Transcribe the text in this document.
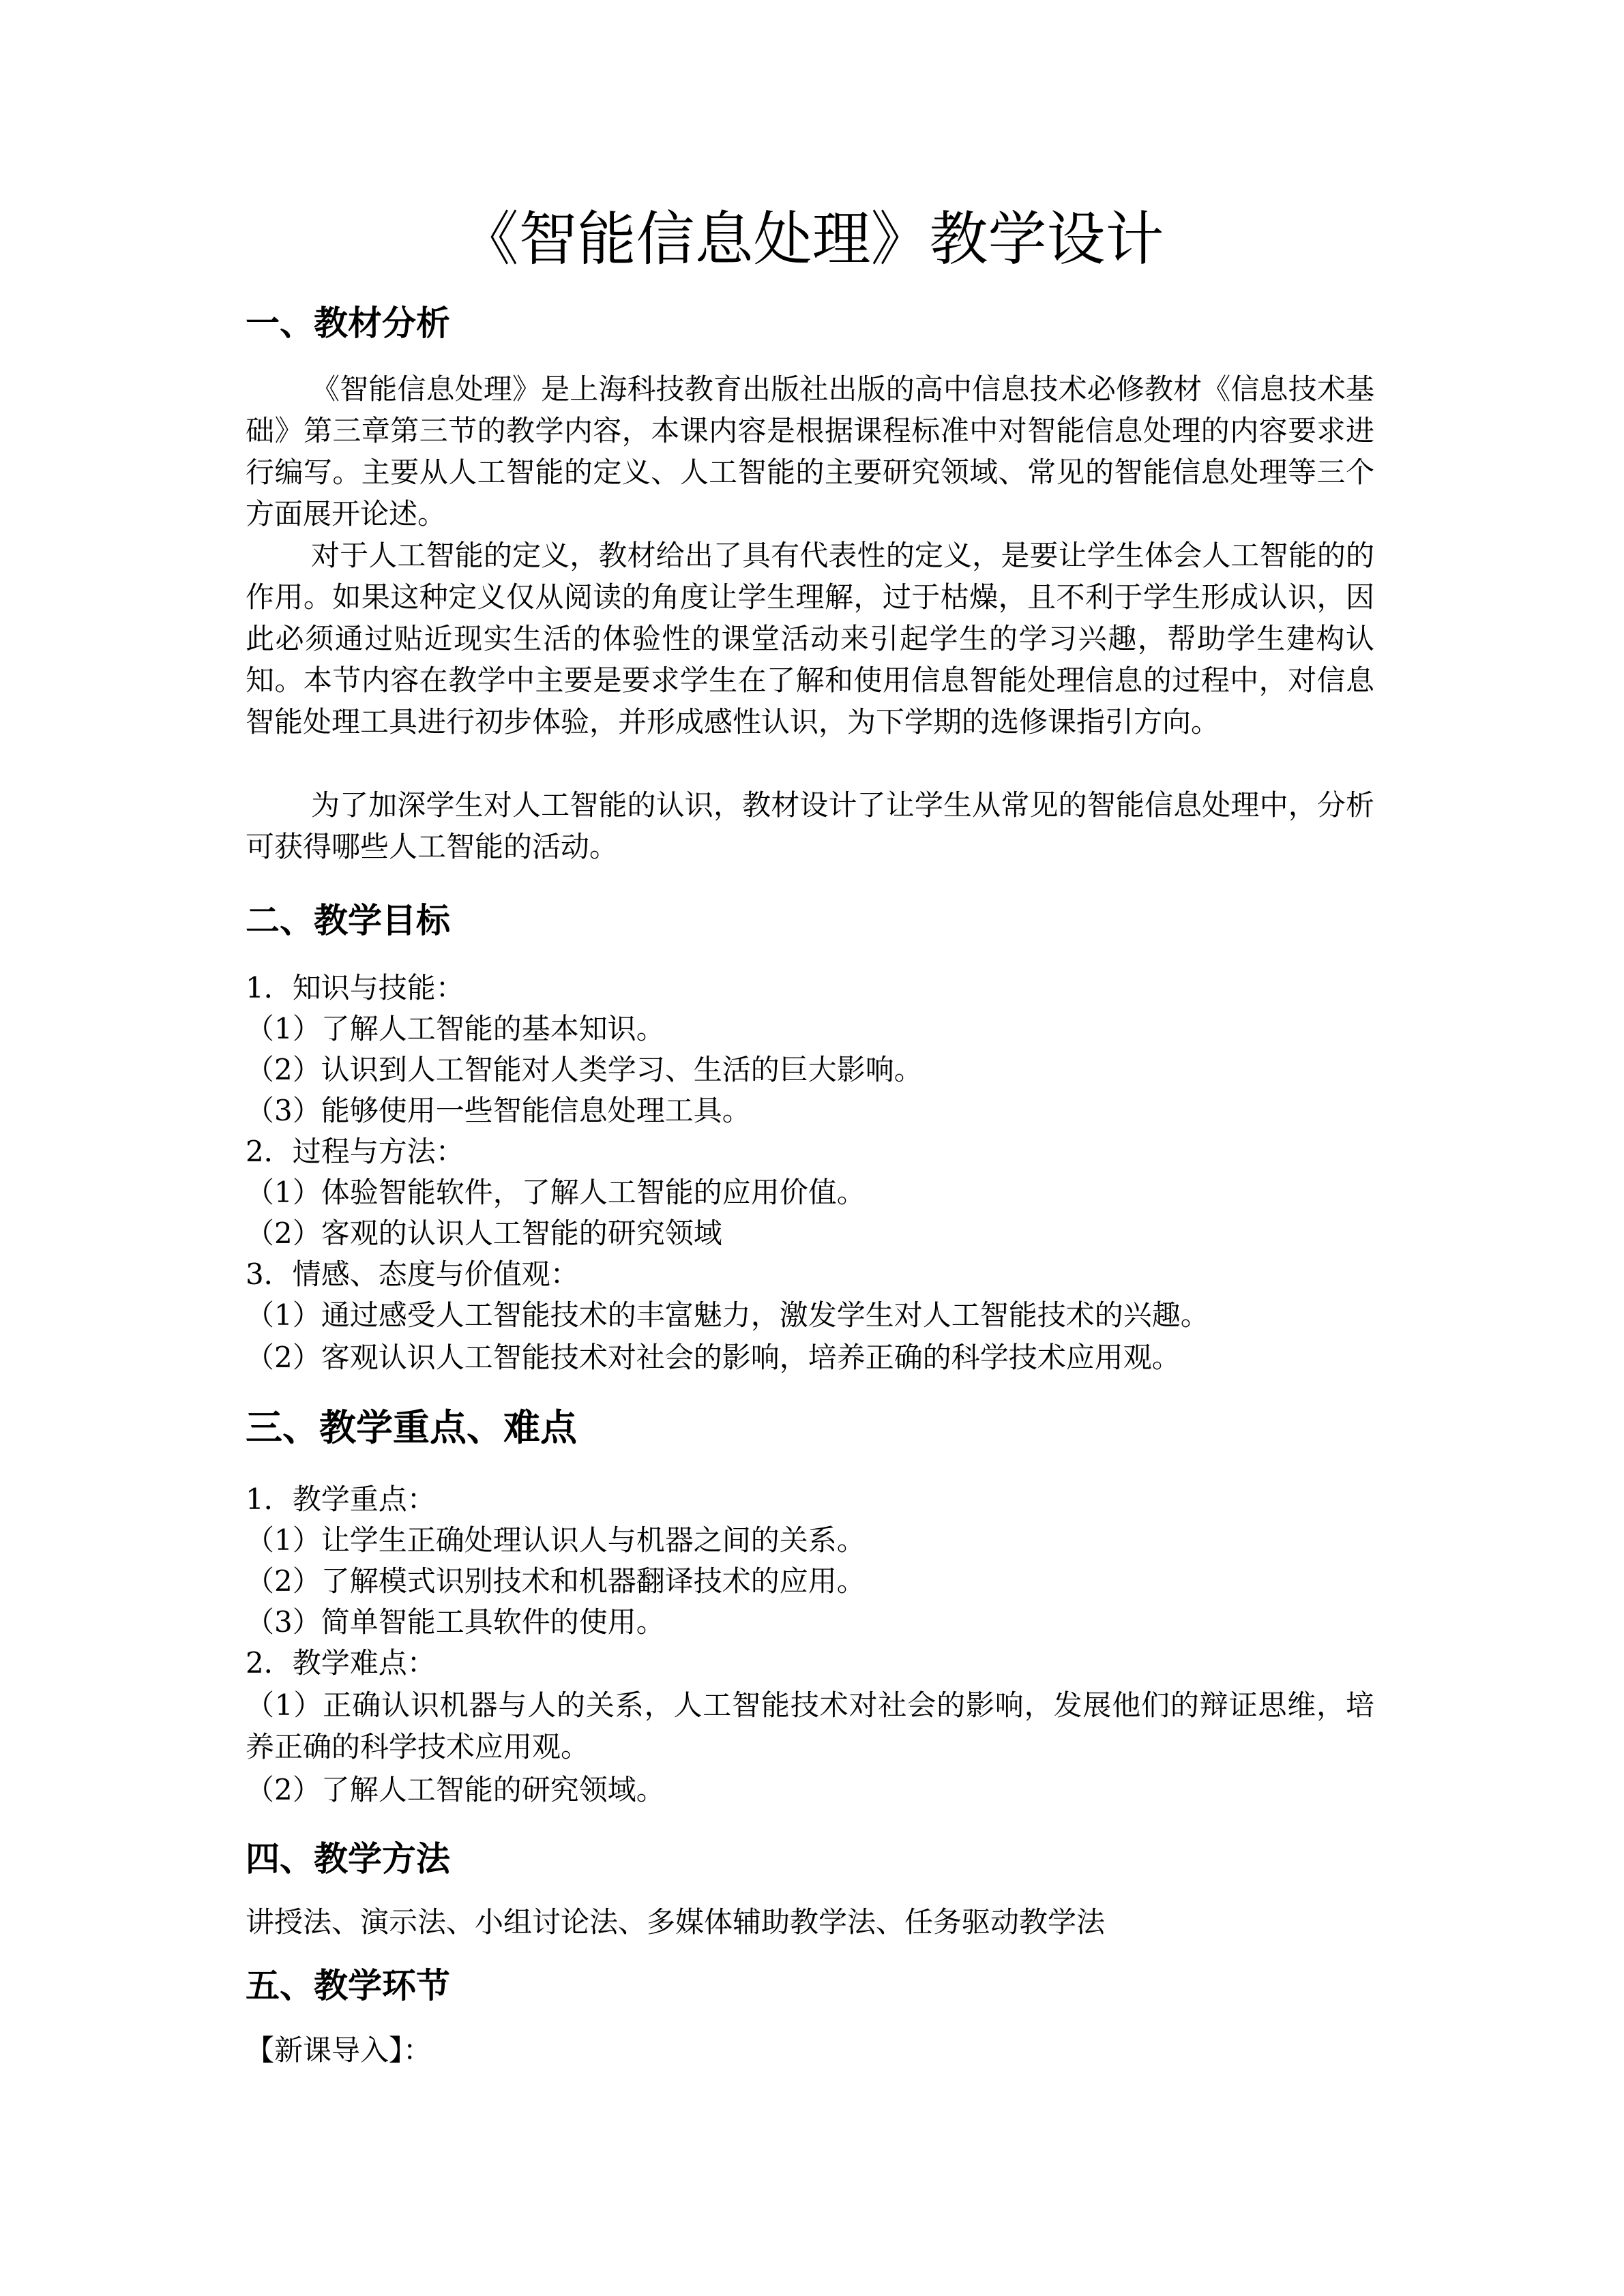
《智能信息处理》教学设计
一、教材分析

《智能信息处理》是上海科技教育出版社出版的高中信息技术必修教材《信息技术基础》第三章第三节的教学内容，本课内容是根据课程标准中对智能信息处理的内容要求进行编写。主要从人工智能的定义、人工智能的主要研究领域、常见的智能信息处理等三个方面展开论述。

对于人工智能的定义，教材给出了具有代表性的定义，是要让学生体会人工智能的的作用。如果这种定义仅从阅读的角度让学生理解，过于枯燥，且不利于学生形成认识，因此必须通过贴近现实生活的体验性的课堂活动来引起学生的学习兴趣，帮助学生建构认知。本节内容在教学中主要是要求学生在了解和使用信息智能处理信息的过程中，对信息智能处理工具进行初步体验，并形成感性认识，为下学期的选修课指引方向。

为了加深学生对人工智能的认识，教材设计了让学生从常见的智能信息处理中，分析可获得哪些人工智能的活动。

二、教学目标

1．知识与技能：

（1）了解人工智能的基本知识。

（2）认识到人工智能对人类学习、生活的巨大影响。

（3）能够使用一些智能信息处理工具。

2．过程与方法：

（1）体验智能软件，了解人工智能的应用价值。

（2）客观的认识人工智能的研究领域

3．情感、态度与价值观：

（1）通过感受人工智能技术的丰富魅力，激发学生对人工智能技术的兴趣。

（2）客观认识人工智能技术对社会的影响，培养正确的科学技术应用观。

三、教学重点、难点

1．教学重点：

（1）让学生正确处理认识人与机器之间的关系。

（2）了解模式识别技术和机器翻译技术的应用。

（3）简单智能工具软件的使用。

2．教学难点：

（1）正确认识机器与人的关系，人工智能技术对社会的影响，发展他们的辩证思维，培养正确的科学技术应用观。

（2）了解人工智能的研究领域。

四、教学方法

讲授法、演示法、小组讨论法、多媒体辅助教学法、任务驱动教学法

五、教学环节

【新课导入】：
